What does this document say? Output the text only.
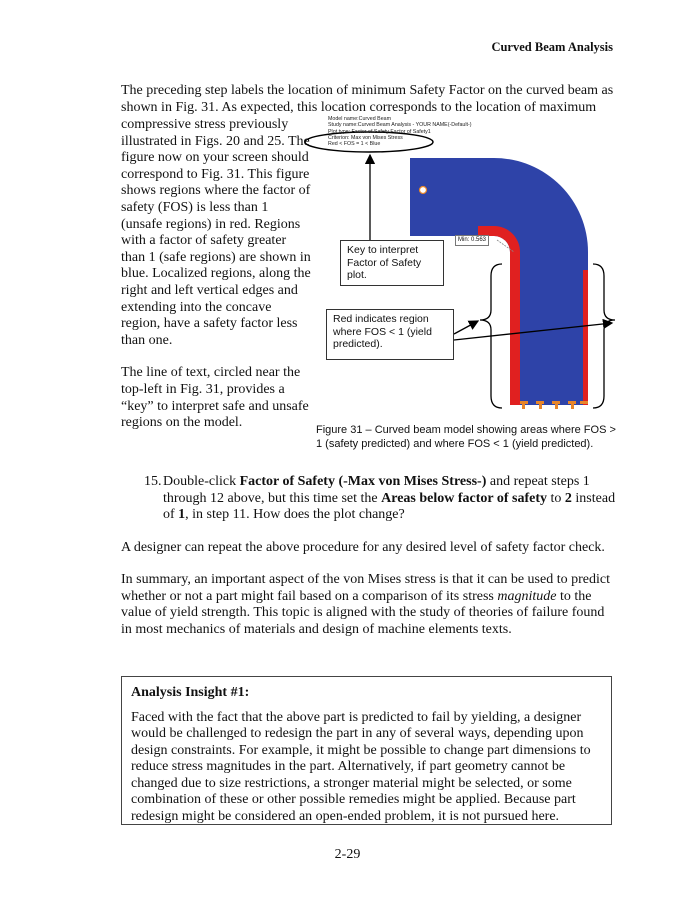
Curved Beam Analysis

The preceding step labels the location of minimum Safety Factor on the curved beam as

shown in Fig. 31. As expected, this location corresponds to the location of maximum

compressive stress previously illustrated in Figs. 20 and 25. The figure now on your screen should correspond to Fig. 31. This figure shows regions where the factor of safety (FOS) is less than 1 (unsafe regions) in red. Regions with a factor of safety greater than 1 (safe regions) are shown in blue. Localized regions, along the right and left vertical edges and extending into the concave region, have a safety factor less than one.

The line of text, circled near the top-left in Fig. 31, provides a “key” to interpret safe and unsafe regions on the model.

Model name:Curved Beam
Study name:Curved Beam Analysis - YOUR NAME(-Default-)
Plot type: Factor of Safety Factor of Safety1
Criterion: Max von Mises Stress
Red < FOS = 1 < Blue
Min: 0.563
Key to interpret Factor of Safety plot.
Red indicates region where FOS < 1 (yield predicted).
Figure 31 – Curved beam model showing areas where FOS > 1 (safety predicted) and where FOS < 1 (yield predicted).
15. Double-click Factor of Safety (-Max von Mises Stress-) and repeat steps 1 through 12 above, but this time set the Areas below factor of safety to 2 instead of 1, in step 11. How does the plot change?

A designer can repeat the above procedure for any desired level of safety factor check.

In summary, an important aspect of the von Mises stress is that it can be used to predict whether or not a part might fail based on a comparison of its stress magnitude to the value of yield strength. This topic is aligned with the study of theories of failure found in most mechanics of materials and design of machine elements texts.

Analysis Insight #1:
Faced with the fact that the above part is predicted to fail by yielding, a designer would be challenged to redesign the part in any of several ways, depending upon design constraints. For example, it might be possible to change part dimensions to reduce stress magnitudes in the part. Alternatively, if part geometry cannot be changed due to size restrictions, a stronger material might be selected, or some combination of these or other possible remedies might be applied. Because part redesign might be considered an open-ended problem, it is not pursued here.
2-29
